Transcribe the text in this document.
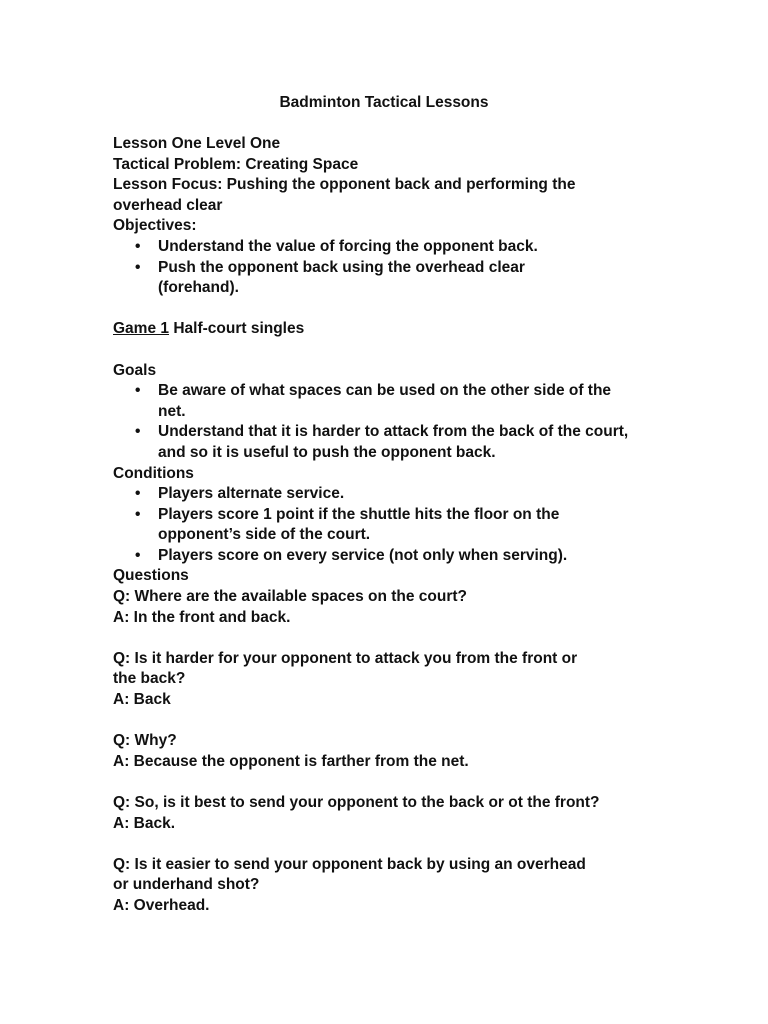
Badminton Tactical Lessons
Lesson One Level One
Tactical Problem: Creating Space
Lesson Focus: Pushing the opponent back and performing the
overhead clear
Objectives:
• Understand the value of forcing the opponent back.
• Push the opponent back using the overhead clear (forehand).
Game 1 Half-court singles
Goals
• Be aware of what spaces can be used on the other side of the net.
• Understand that it is harder to attack from the back of the court, and so it is useful to push the opponent back.
Conditions
• Players alternate service.
• Players score 1 point if the shuttle hits the floor on the opponent’s side of the court.
• Players score on every service (not only when serving).
Questions
Q: Where are the available spaces on the court?
A: In the front and back.
Q: Is it harder for your opponent to attack you from the front or
the back?
A: Back
Q: Why?
A: Because the opponent is farther from the net.
Q: So, is it best to send your opponent to the back or ot the front?
A: Back.
Q: Is it easier to send your opponent back by using an overhead
or underhand shot?
A: Overhead.
